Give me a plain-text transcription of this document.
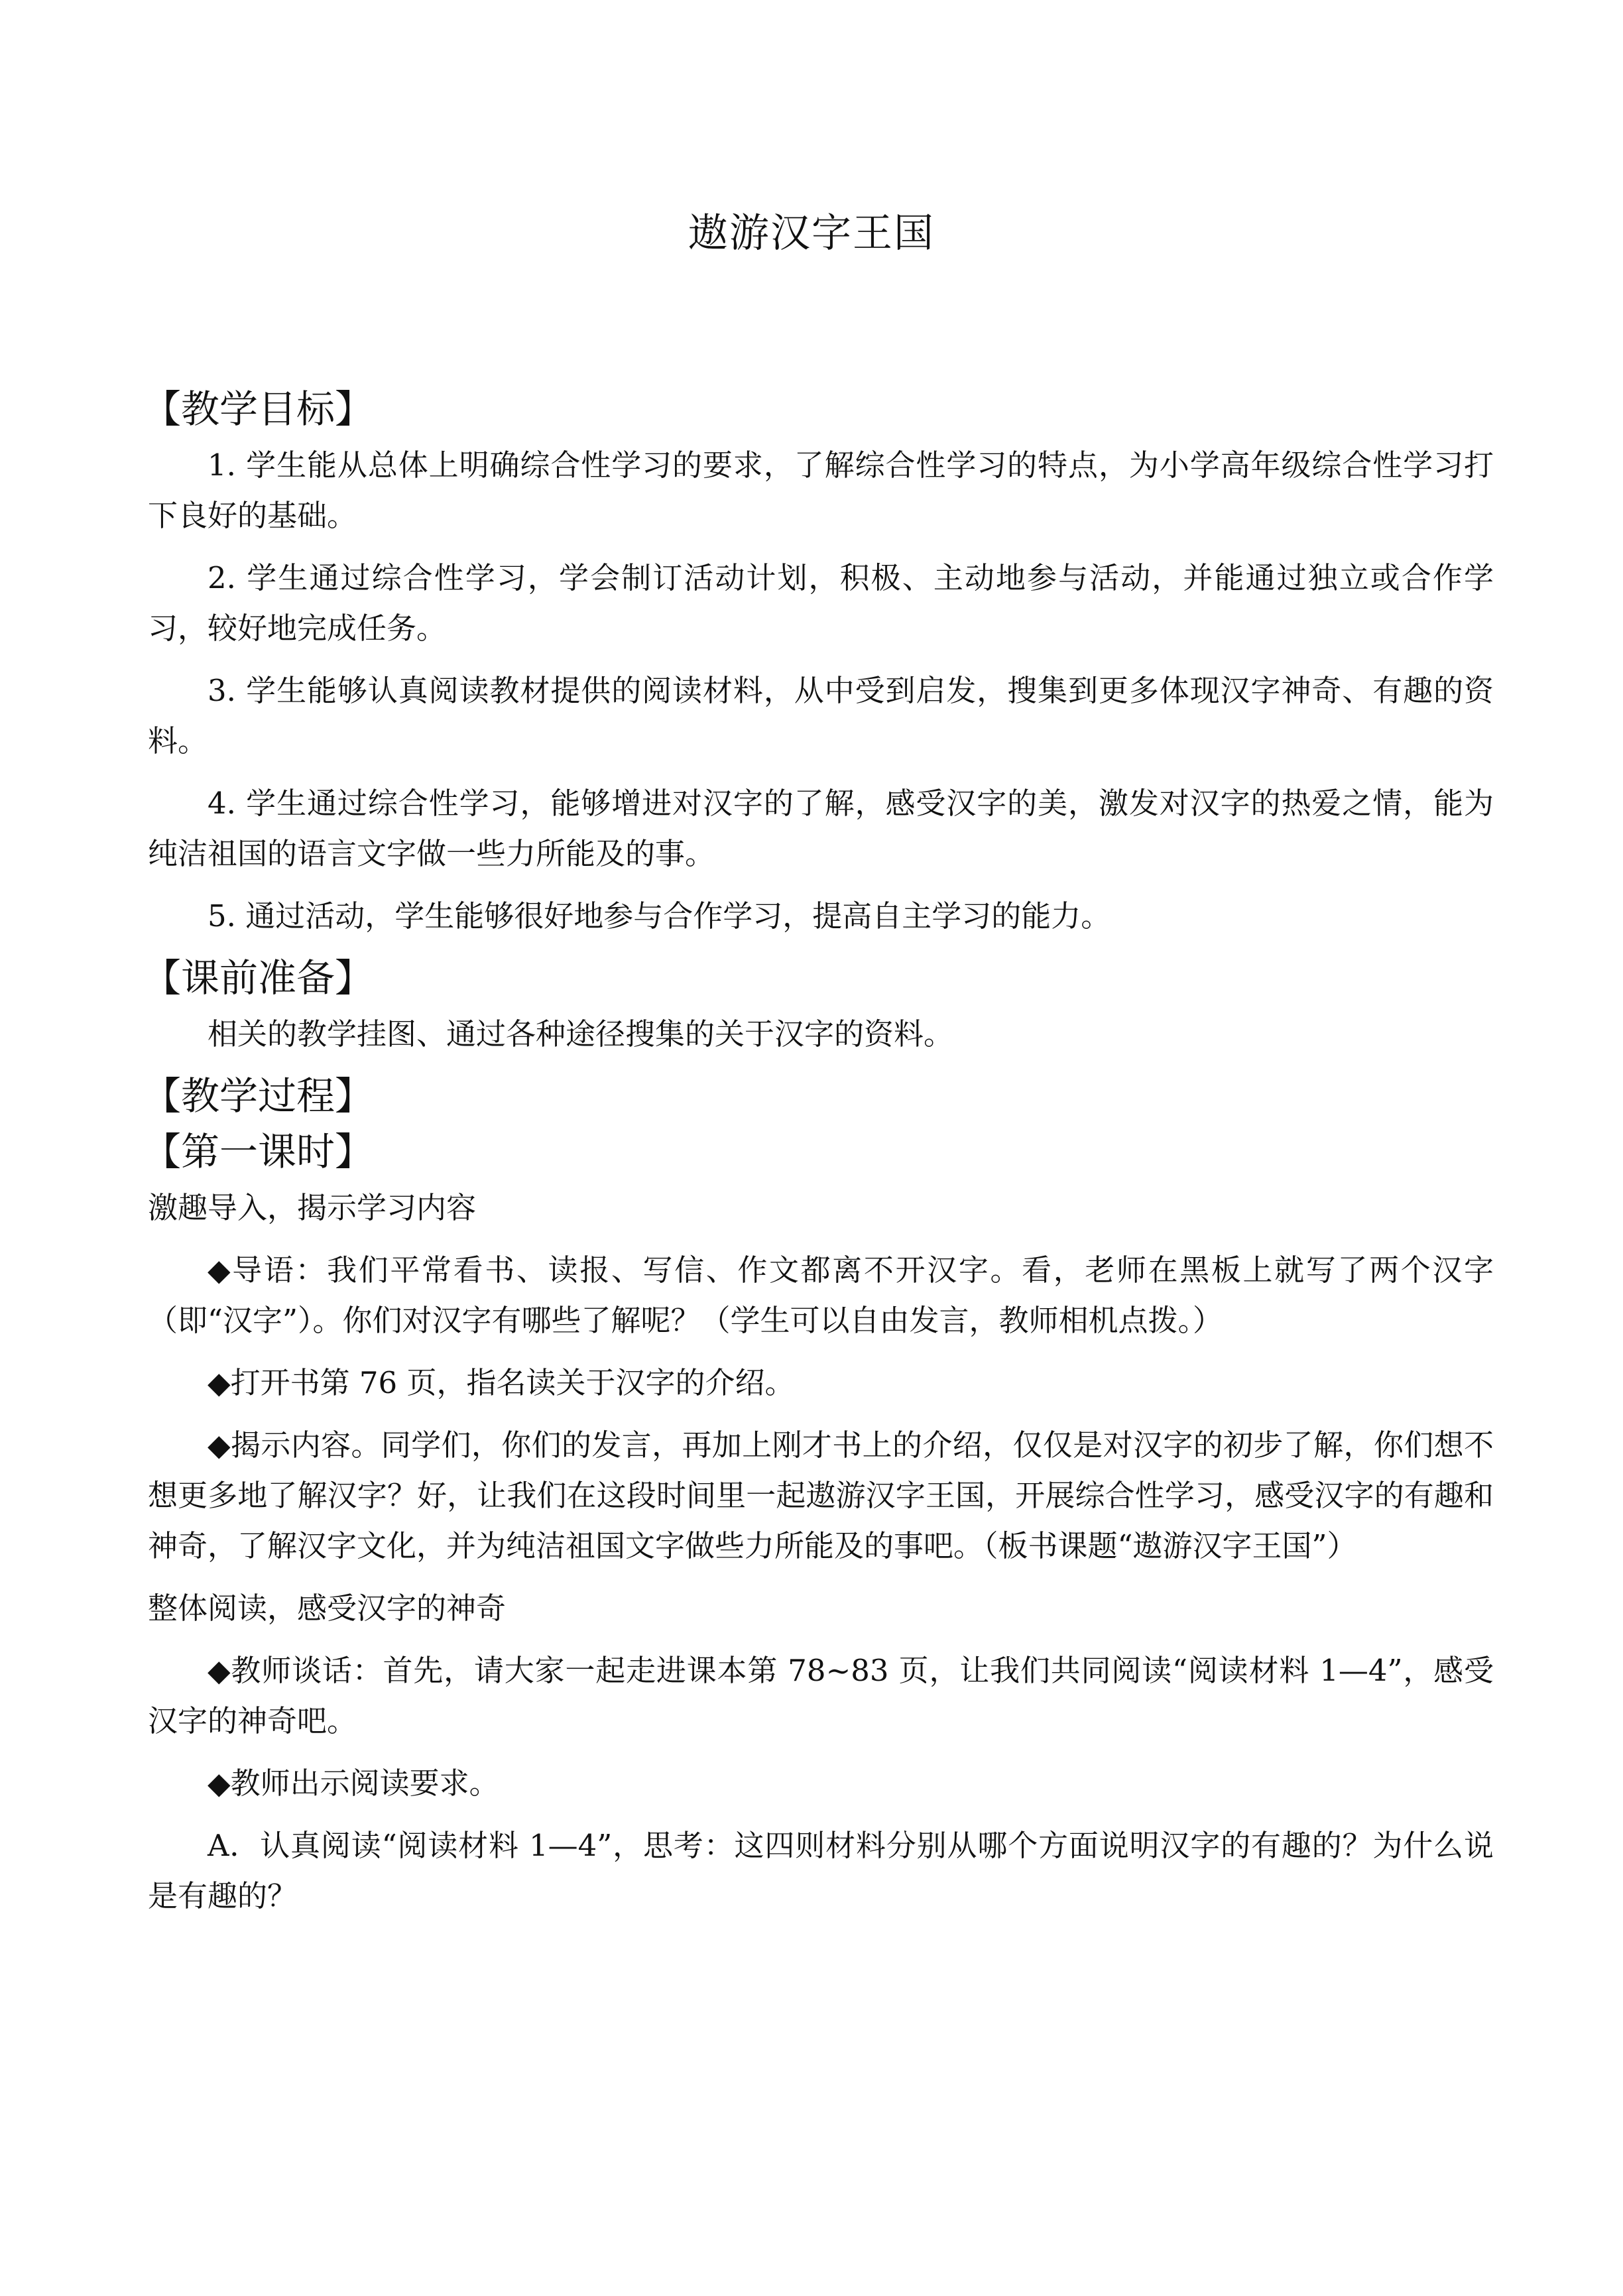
遨游汉字王国
【教学目标】
1. 学生能从总体上明确综合性学习的要求，了解综合性学习的特点，为小学高年级综合性学习打下良好的基础。
2. 学生通过综合性学习，学会制订活动计划，积极、主动地参与活动，并能通过独立或合作学习，较好地完成任务。
3. 学生能够认真阅读教材提供的阅读材料，从中受到启发，搜集到更多体现汉字神奇、有趣的资料。
4. 学生通过综合性学习，能够增进对汉字的了解，感受汉字的美，激发对汉字的热爱之情，能为纯洁祖国的语言文字做一些力所能及的事。
5. 通过活动，学生能够很好地参与合作学习，提高自主学习的能力。
【课前准备】
相关的教学挂图、通过各种途径搜集的关于汉字的资料。
【教学过程】
【第一课时】
激趣导入，揭示学习内容
◆导语：我们平常看书、读报、写信、作文都离不开汉字。看，老师在黑板上就写了两个汉字（即“汉字”）。你们对汉字有哪些了解呢？（学生可以自由发言，教师相机点拨。）
◆打开书第 76 页，指名读关于汉字的介绍。
◆揭示内容。同学们，你们的发言，再加上刚才书上的介绍，仅仅是对汉字的初步了解，你们想不想更多地了解汉字？好，让我们在这段时间里一起遨游汉字王国，开展综合性学习，感受汉字的有趣和神奇，了解汉字文化，并为纯洁祖国文字做些力所能及的事吧。（板书课题“遨游汉字王国”）
整体阅读，感受汉字的神奇
◆教师谈话：首先，请大家一起走进课本第 78~83 页，让我们共同阅读“阅读材料 1—4”，感受汉字的神奇吧。
◆教师出示阅读要求。
A．认真阅读“阅读材料 1—4”，思考：这四则材料分别从哪个方面说明汉字的有趣的？为什么说是有趣的？
